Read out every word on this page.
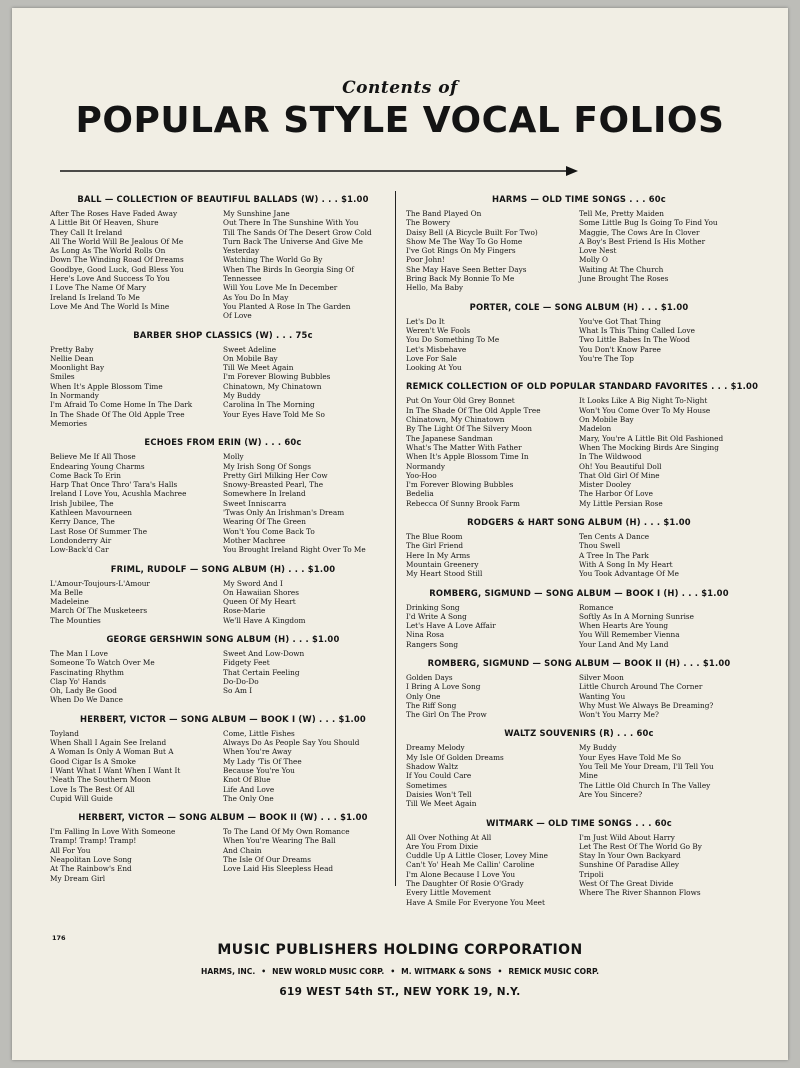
Contents of
POPULAR STYLE VOCAL FOLIOS
BALL — COLLECTION OF BEAUTIFUL BALLADS (W) . . . $1.00
After The Roses Have Faded Away
A Little Bit Of Heaven, Shure
They Call It Ireland
All The World Will Be Jealous Of Me
As Long As The World Rolls On
Down The Winding Road Of Dreams
Goodbye, Good Luck, God Bless You
Here's Love And Success To You
I Love The Name Of Mary
Ireland Is Ireland To Me
Love Me And The World Is Mine
My Sunshine Jane
Out There In The Sunshine With You
Till The Sands Of The Desert Grow Cold
Turn Back The Universe And Give Me
Yesterday
Watching The World Go By
When The Birds In Georgia Sing Of
Tennessee
Will You Love Me In December
As You Do In May
You Planted A Rose In The Garden
Of Love
BARBER SHOP CLASSICS (W) . . . 75c
Pretty Baby
Nellie Dean
Moonlight Bay
Smiles
When It's Apple Blossom Time
In Normandy
I'm Afraid To Come Home In The Dark
In The Shade Of The Old Apple Tree
Memories
Sweet Adeline
On Mobile Bay
Till We Meet Again
I'm Forever Blowing Bubbles
Chinatown, My Chinatown
My Buddy
Carolina In The Morning
Your Eyes Have Told Me So
ECHOES FROM ERIN (W) . . . 60c
Believe Me If All Those
Endearing Young Charms
Come Back To Erin
Harp That Once Thro' Tara's Halls
Ireland I Love You, Acushla Machree
Irish Jubilee, The
Kathleen Mavourneen
Kerry Dance, The
Last Rose Of Summer The
Londonderry Air
Low-Back'd Car
Molly
My Irish Song Of Songs
Pretty Girl Milking Her Cow
Snowy-Breasted Pearl, The
Somewhere In Ireland
Sweet Inniscarra
'Twas Only An Irishman's Dream
Wearing Of The Green
Won't You Come Back To
Mother Machree
You Brought Ireland Right Over To Me
FRIML, RUDOLF — SONG ALBUM (H) . . . $1.00
L'Amour-Toujours-L'Amour
Ma Belle
Madeleine
March Of The Musketeers
The Mounties
My Sword And I
On Hawaiian Shores
Queen Of My Heart
Rose-Marie
We'll Have A Kingdom
GEORGE GERSHWIN SONG ALBUM (H) . . . $1.00
The Man I Love
Someone To Watch Over Me
Fascinating Rhythm
Clap Yo' Hands
Oh, Lady Be Good
When Do We Dance
Sweet And Low-Down
Fidgety Feet
That Certain Feeling
Do-Do-Do
So Am I
HERBERT, VICTOR — SONG ALBUM — BOOK I (W) . . . $1.00
Toyland
When Shall I Again See Ireland
A Woman Is Only A Woman But A
Good Cigar Is A Smoke
I Want What I Want When I Want It
'Neath The Southern Moon
Love Is The Best Of All
Cupid Will Guide
Come, Little Fishes
Always Do As People Say You Should
When You're Away
My Lady 'Tis Of Thee
Because You're You
Knot Of Blue
Life And Love
The Only One
HERBERT, VICTOR — SONG ALBUM — BOOK II (W) . . . $1.00
I'm Falling In Love With Someone
Tramp! Tramp! Tramp!
All For You
Neapolitan Love Song
At The Rainbow's End
My Dream Girl
To The Land Of My Own Romance
When You're Wearing The Ball
And Chain
The Isle Of Our Dreams
Love Laid His Sleepless Head
HARMS — OLD TIME SONGS . . . 60c
The Band Played On
The Bowery
Daisy Bell (A Bicycle Built For Two)
Show Me The Way To Go Home
I've Got Rings On My Fingers
Poor John!
She May Have Seen Better Days
Bring Back My Bonnie To Me
Hello, Ma Baby
Tell Me, Pretty Maiden
Some Little Bug Is Going To Find You
Maggie, The Cows Are In Clover
A Boy's Best Friend Is His Mother
Love Nest
Molly O
Waiting At The Church
June Brought The Roses
PORTER, COLE — SONG ALBUM (H) . . . $1.00
Let's Do It
Weren't We Fools
You Do Something To Me
Let's Misbehave
Love For Sale
Looking At You
You've Got That Thing
What Is This Thing Called Love
Two Little Babes In The Wood
You Don't Know Paree
You're The Top
REMICK COLLECTION OF OLD POPULAR STANDARD FAVORITES . . . $1.00
Put On Your Old Grey Bonnet
In The Shade Of The Old Apple Tree
Chinatown, My Chinatown
By The Light Of The Silvery Moon
The Japanese Sandman
What's The Matter With Father
When It's Apple Blossom Time In
Normandy
Yoo-Hoo
I'm Forever Blowing Bubbles
Bedelia
Rebecca Of Sunny Brook Farm
It Looks Like A Big Night To-Night
Won't You Come Over To My House
On Mobile Bay
Madelon
Mary, You're A Little Bit Old Fashioned
When The Mocking Birds Are Singing
In The Wildwood
Oh! You Beautiful Doll
That Old Girl Of Mine
Mister Dooley
The Harbor Of Love
My Little Persian Rose
RODGERS & HART SONG ALBUM (H) . . . $1.00
The Blue Room
The Girl Friend
Here In My Arms
Mountain Greenery
My Heart Stood Still
Ten Cents A Dance
Thou Swell
A Tree In The Park
With A Song In My Heart
You Took Advantage Of Me
ROMBERG, SIGMUND — SONG ALBUM — BOOK I (H) . . . $1.00
Drinking Song
I'd Write A Song
Let's Have A Love Affair
Nina Rosa
Rangers Song
Romance
Softly As In A Morning Sunrise
When Hearts Are Young
You Will Remember Vienna
Your Land And My Land
ROMBERG, SIGMUND — SONG ALBUM — BOOK II (H) . . . $1.00
Golden Days
I Bring A Love Song
Only One
The Riff Song
The Girl On The Prow
Silver Moon
Little Church Around The Corner
Wanting You
Why Must We Always Be Dreaming?
Won't You Marry Me?
WALTZ SOUVENIRS (R) . . . 60c
Dreamy Melody
My Isle Of Golden Dreams
Shadow Waltz
If You Could Care
Sometimes
Daisies Won't Tell
Till We Meet Again
My Buddy
Your Eyes Have Told Me So
You Tell Me Your Dream, I'll Tell You
Mine
The Little Old Church In The Valley
Are You Sincere?
WITMARK — OLD TIME SONGS . . . 60c
All Over Nothing At All
Are You From Dixie
Cuddle Up A Little Closer, Lovey Mine
Can't Yo' Heah Me Callin' Caroline
I'm Alone Because I Love You
The Daughter Of Rosie O'Grady
Every Little Movement
Have A Smile For Everyone You Meet
I'm Just Wild About Harry
Let The Rest Of The World Go By
Stay In Your Own Backyard
Sunshine Of Paradise Alley
Tripoli
West Of The Great Divide
Where The River Shannon Flows
176
MUSIC PUBLISHERS HOLDING CORPORATION
HARMS, INC. • NEW WORLD MUSIC CORP. • M. WITMARK & SONS • REMICK MUSIC CORP.
619 WEST 54th ST., NEW YORK 19, N.Y.
